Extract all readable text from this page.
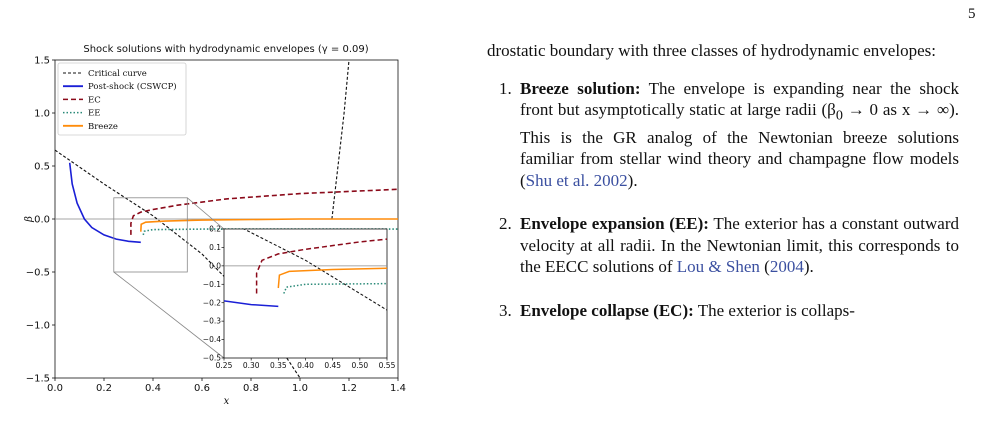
5
Shock solutions with hydrodynamic envelopes (γ = 0.09)
0.0	0.2	0.4	0.6	0.8	1.0	1.2	1.4
1.5
1.0
0.5
0.0
−0.5
−1.0
−1.5
x
β
0.25 0.30 0.35 0.40 0.45 0.50 0.55
0.2
0.1
0.0
−0.1
−0.2
−0.3
−0.4
−0.5
Critical curve
Post-shock (CSWCP)
EC
EE
Breeze

drostatic boundary with three classes of hydrodynamic envelopes:

1. Breeze solution: The envelope is expanding near the shock front but asymptotically static at large radii ($\beta_0 \to 0$ as x → ∞). This is the GR analog of the Newtonian breeze solutions familiar from stellar wind theory and champagne flow models (Shu et al. 2002).
2. Envelope expansion (EE): The exterior has a constant outward velocity at all radii. In the Newtonian limit, this corresponds to the EECC solutions of Lou & Shen (2004).
3. Envelope collapse (EC): The exterior is collaps-
